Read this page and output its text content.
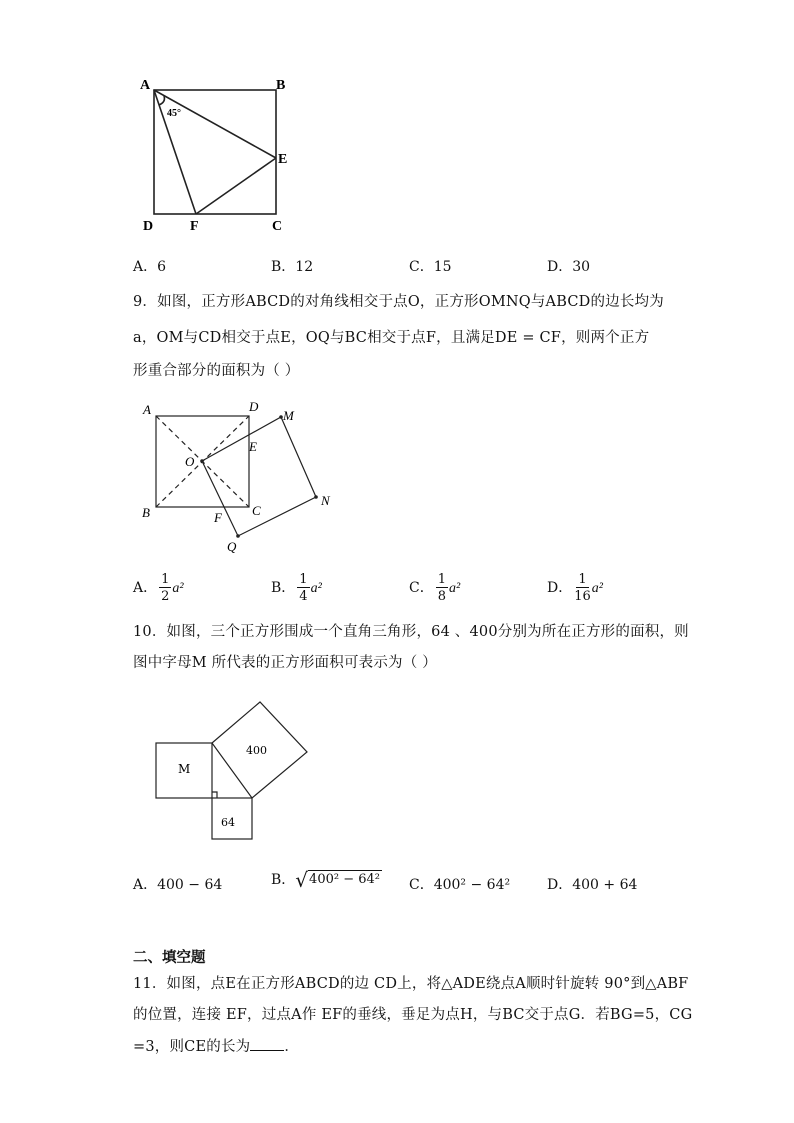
A	B
E
D	F	C
45°
A．6	B．12	C．15	D．30
9．如图，正方形ABCD的对角线相交于点O，正方形OMNQ与ABCD的边长均为
a，OM与CD相交于点E，OQ与BC相交于点F，且满足DE = CF，则两个正方
形重合部分的面积为（ ）
A	D
M
E
O
B	C
N
F
Q
A． $\frac{1}{2} a^2$	B． $\frac{1}{4} a^2$	C． $\frac{1}{8} a^2$	D． $\frac{1}{16} a^2$
10．如图，三个正方形围成一个直角三角形，64 、400分别为所在正方形的面积，则
图中字母M 所代表的正方形面积可表示为（ ）
M
400
64
A．400 − 64	B． √ 400² − 64² C．400² − 64²	D．400 + 64
二、填空题
11．如图，点E在正方形ABCD的边 CD上，将△ADE绕点A顺时针旋转 90°到△ABF
的位置，连接 EF，过点A作 EF的垂线，垂足为点H，与BC交于点G．若BG=5，CG
=3，则CE的长为 ．
